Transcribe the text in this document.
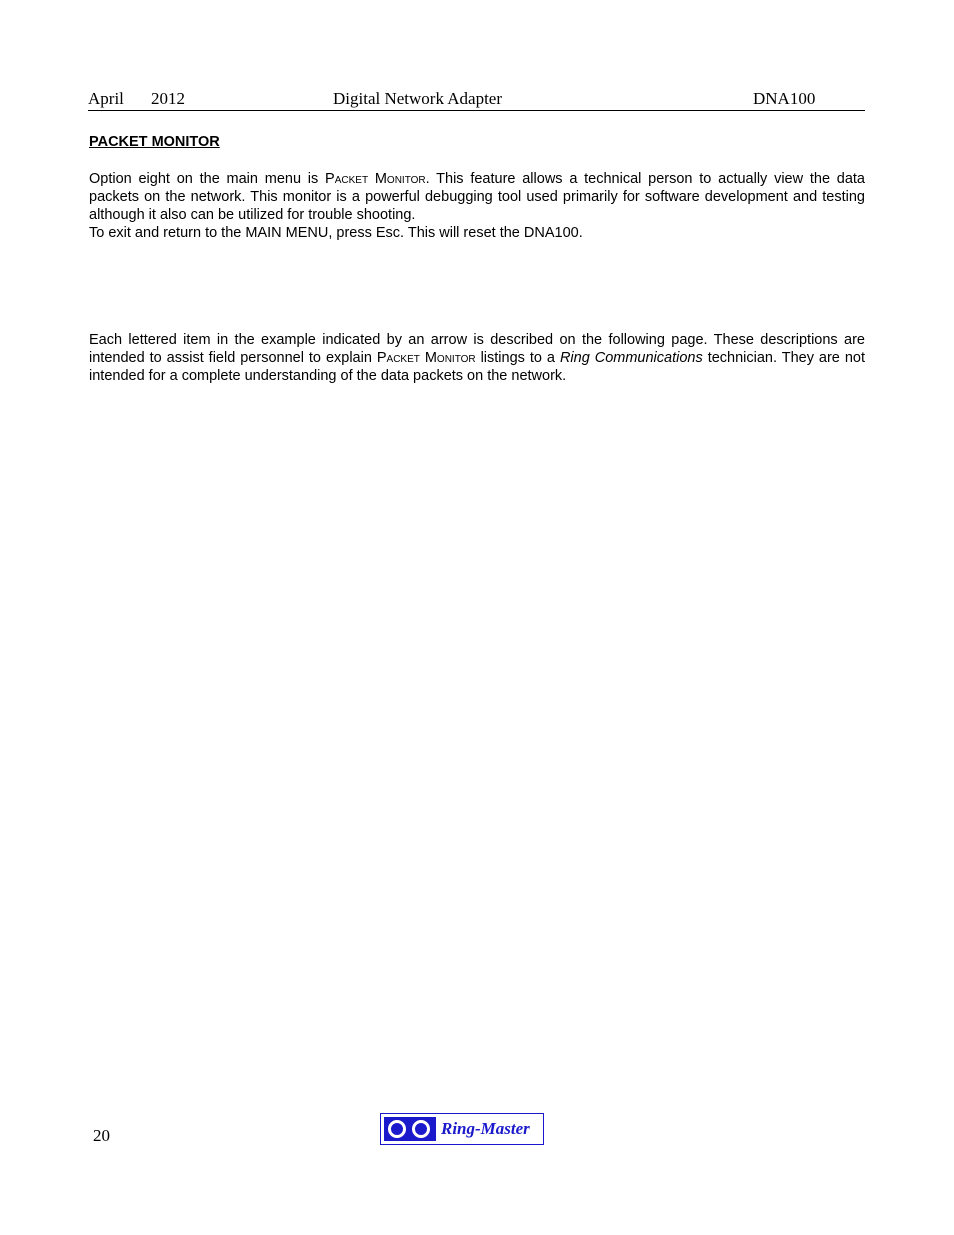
April 2012	Digital Network Adapter	DNA100
PACKET MONITOR
Option eight on the main menu is Packet Monitor. This feature allows a technical person to actually view the data packets on the network. This monitor is a powerful debugging tool used primarily for software development and testing although it also can be utilized for trouble shooting.
To exit and return to the MAIN MENU, press Esc. This will reset the DNA100.
Each lettered item in the example indicated by an arrow is described on the following page. These descriptions are intended to assist field personnel to explain Packet Monitor listings to a Ring Communications technician. They are not intended for a complete understanding of the data packets on the network.
20	Ring-Master
